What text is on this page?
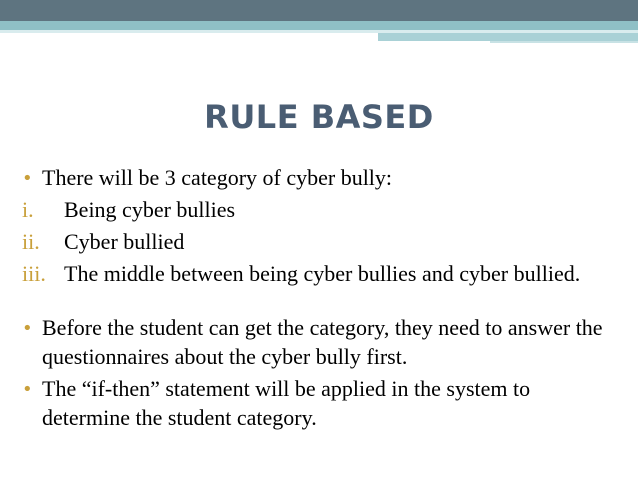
RULE BASED

• There will be 3 category of cyber bully:

i. Being cyber bullies

ii. Cyber bullied

iii. The middle between being cyber bullies and cyber bullied.

• Before the student can get the category, they need to answer the questionnaires about the cyber bully first.

• The “if-then” statement will be applied in the system to determine the student category.
